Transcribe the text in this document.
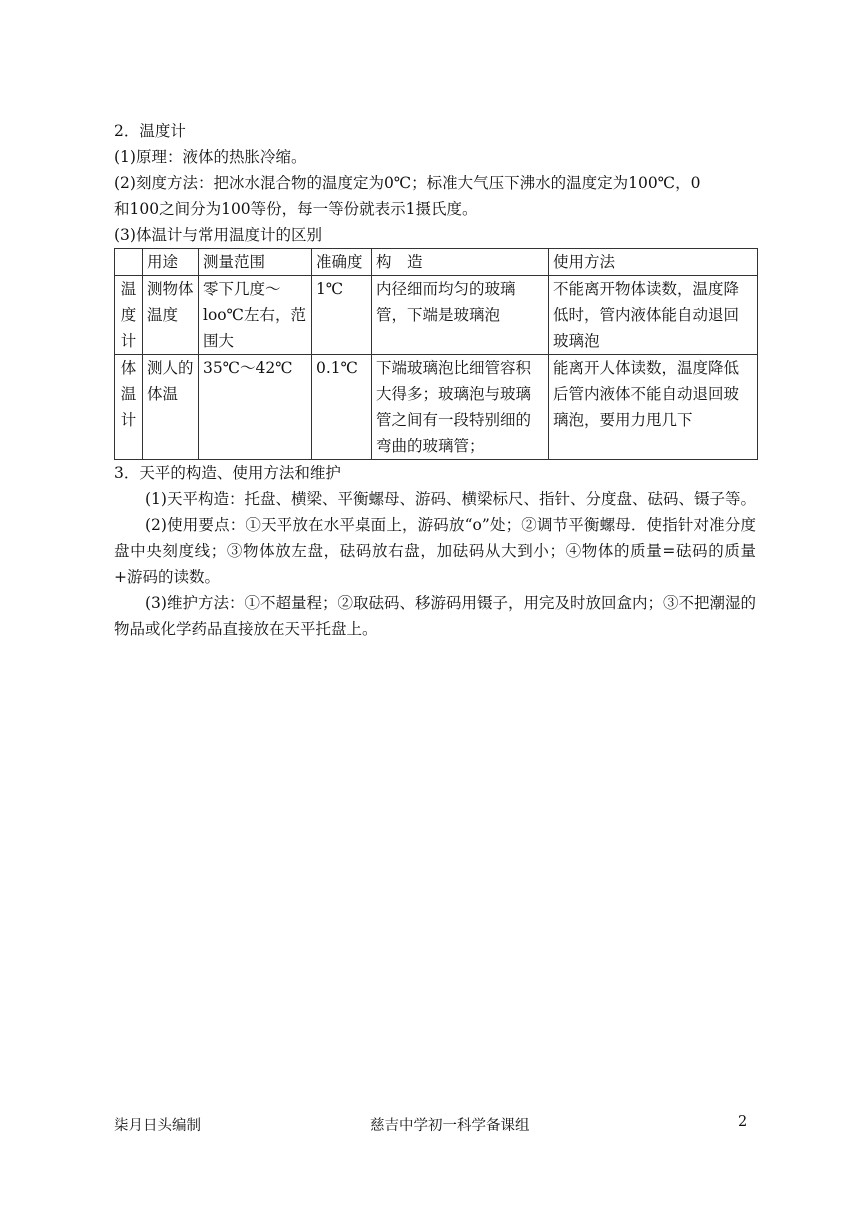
2．温度计
(1)原理：液体的热胀冷缩。
(2)刻度方法：把冰水混合物的温度定为0℃；标准大气压下沸水的温度定为100℃，0
和100之间分为100等份，每一等份就表示1摄氏度。
(3)体温计与常用温度计的区别
	用途	测量范围	准确度	构　造	使用方法
温度计	测物体温度	零下几度～loo℃左右，范围大	1℃	内径细而均匀的玻璃管，下端是玻璃泡	不能离开物体读数，温度降低时，管内液体能自动退回玻璃泡
体温计	测人的体温	35℃～42℃	0.1℃	下端玻璃泡比细管容积大得多；玻璃泡与玻璃管之间有一段特别细的弯曲的玻璃管；	能离开人体读数，温度降低后管内液体不能自动退回玻璃泡，要用力甩几下
3．天平的构造、使用方法和维护

(1)天平构造：托盘、横梁、平衡螺母、游码、横梁标尺、指针、分度盘、砝码、镊子等。

(2)使用要点：①天平放在水平桌面上，游码放“o”处；②调节平衡螺母．使指针对准分度盘中央刻度线；③物体放左盘，砝码放右盘，加砝码从大到小；④物体的质量=砝码的质量+游码的读数。

(3)维护方法：①不超量程；②取砝码、移游码用镊子，用完及时放回盒内；③不把潮湿的物品或化学药品直接放在天平托盘上。

柒月日头编制	慈吉中学初一科学备课组	2
